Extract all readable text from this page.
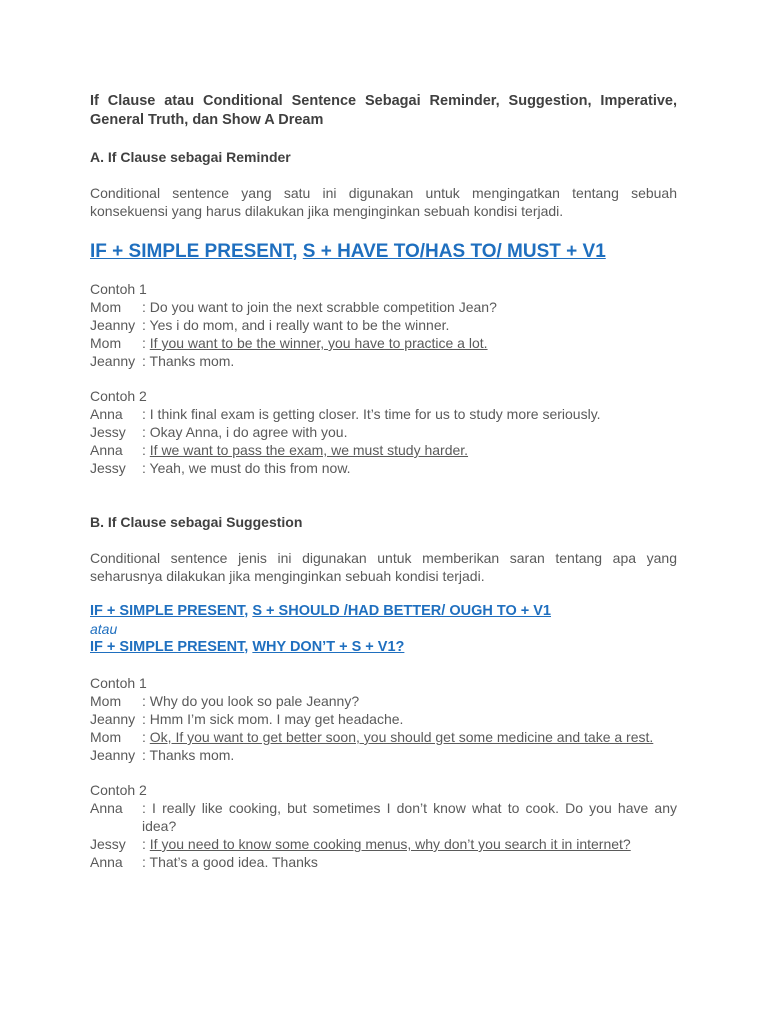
If Clause atau Conditional Sentence Sebagai Reminder, Suggestion, Imperative, General Truth, dan Show A Dream

A. If Clause sebagai Reminder

Conditional sentence yang satu ini digunakan untuk mengingatkan tentang sebuah konsekuensi yang harus dilakukan jika menginginkan sebuah kondisi terjadi.

IF + SIMPLE PRESENT, S + HAVE TO/HAS TO/ MUST + V1

Contoh 1

Mom : Do you want to join the next scrabble competition Jean?

Jeanny : Yes i do mom, and i really want to be the winner.

Mom : If you want to be the winner, you have to practice a lot.

Jeanny : Thanks mom.

Contoh 2

Anna : I think final exam is getting closer. It’s time for us to study more seriously.

Jessy : Okay Anna, i do agree with you.

Anna : If we want to pass the exam, we must study harder.

Jessy : Yeah, we must do this from now.

B. If Clause sebagai Suggestion

Conditional sentence jenis ini digunakan untuk memberikan saran tentang apa yang seharusnya dilakukan jika menginginkan sebuah kondisi terjadi.

IF + SIMPLE PRESENT, S + SHOULD /HAD BETTER/ OUGH TO + V1

atau

IF + SIMPLE PRESENT, WHY DON’T + S + V1?

Contoh 1

Mom : Why do you look so pale Jeanny?

Jeanny : Hmm I’m sick mom. I may get headache.

Mom	: Ok, If you want to get better soon, you should get some medicine and take a rest.

Jeanny : Thanks mom.

Contoh 2

Anna	: I really like cooking, but sometimes I don’t know what to cook. Do you have any idea?

Jessy : If you need to know some cooking menus, why don’t you search it in internet?

Anna : That’s a good idea. Thanks
